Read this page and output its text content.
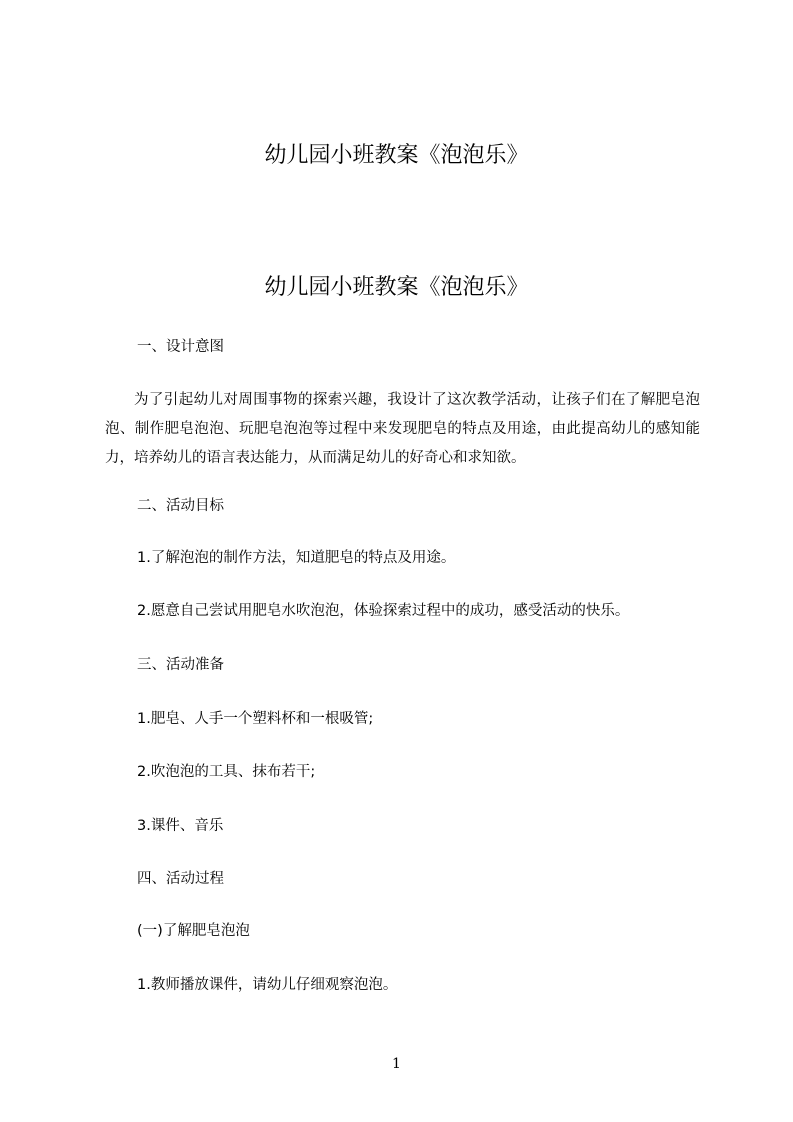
幼儿园小班教案《泡泡乐》
幼儿园小班教案《泡泡乐》

一、设计意图

为了引起幼儿对周围事物的探索兴趣，我设计了这次教学活动，让孩子们在了解肥皂泡泡、制作肥皂泡泡、玩肥皂泡泡等过程中来发现肥皂的特点及用途，由此提高幼儿的感知能力，培养幼儿的语言表达能力，从而满足幼儿的好奇心和求知欲。

二、活动目标

1.了解泡泡的制作方法，知道肥皂的特点及用途。

2.愿意自己尝试用肥皂水吹泡泡，体验探索过程中的成功，感受活动的快乐。

三、活动准备

1.肥皂、人手一个塑料杯和一根吸管;

2.吹泡泡的工具、抹布若干;

3.课件、音乐

四、活动过程

(一)了解肥皂泡泡

1.教师播放课件，请幼儿仔细观察泡泡。

1
